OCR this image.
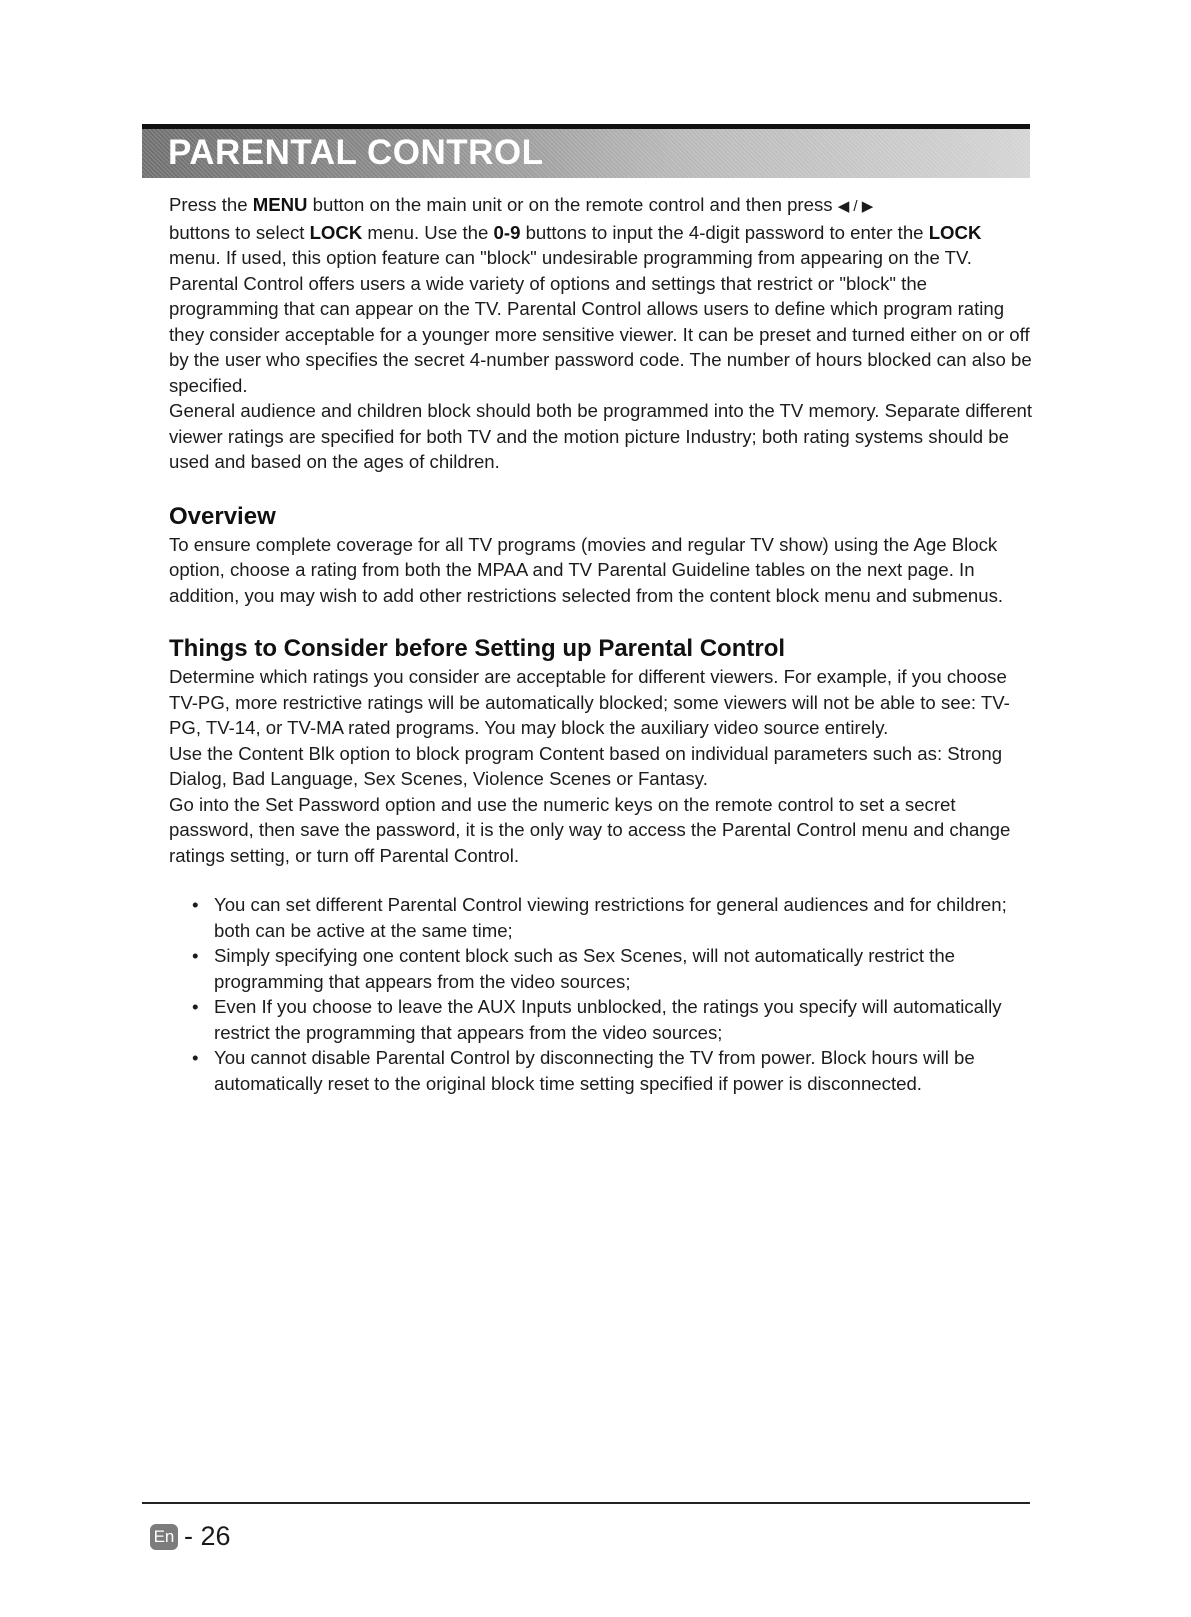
PARENTAL CONTROL

Press the MENU button on the main unit or on the remote control and then press ◀ / ▶
buttons to select LOCK menu. Use the 0-9 buttons to input the 4-digit password to enter the LOCK menu. If used, this option feature can "block" undesirable programming from appearing on the TV.

Parental Control offers users a wide variety of options and settings that restrict or "block" the programming that can appear on the TV. Parental Control allows users to define which program rating they consider acceptable for a younger more sensitive viewer. It can be preset and turned either on or off by the user who specifies the secret 4-number password code. The number of hours blocked can also be specified.

General audience and children block should both be programmed into the TV memory. Separate different viewer ratings are specified for both TV and the motion picture Industry; both rating systems should be used and based on the ages of children.

Overview

To ensure complete coverage for all TV programs (movies and regular TV show) using the Age Block option, choose a rating from both the MPAA and TV Parental Guideline tables on the next page. In addition, you may wish to add other restrictions selected from the content block menu and submenus.

Things to Consider before Setting up Parental Control

Determine which ratings you consider are acceptable for different viewers. For example, if you choose TV-PG, more restrictive ratings will be automatically blocked; some viewers will not be able to see: TV-PG, TV-14, or TV-MA rated programs. You may block the auxiliary video source entirely.

Use the Content Blk option to block program Content based on individual parameters such as: Strong Dialog, Bad Language, Sex Scenes, Violence Scenes or Fantasy.

Go into the Set Password option and use the numeric keys on the remote control to set a secret password, then save the password, it is the only way to access the Parental Control menu and change ratings setting, or turn off Parental Control.

• You can set different Parental Control viewing restrictions for general audiences and for children; both can be active at the same time;
• Simply specifying one content block such as Sex Scenes, will not automatically restrict the programming that appears from the video sources;
• Even If you choose to leave the AUX Inputs unblocked, the ratings you specify will automatically restrict the programming that appears from the video sources;
• You cannot disable Parental Control by disconnecting the TV from power. Block hours will be automatically reset to the original block time setting specified if power is disconnected.
En - 26
